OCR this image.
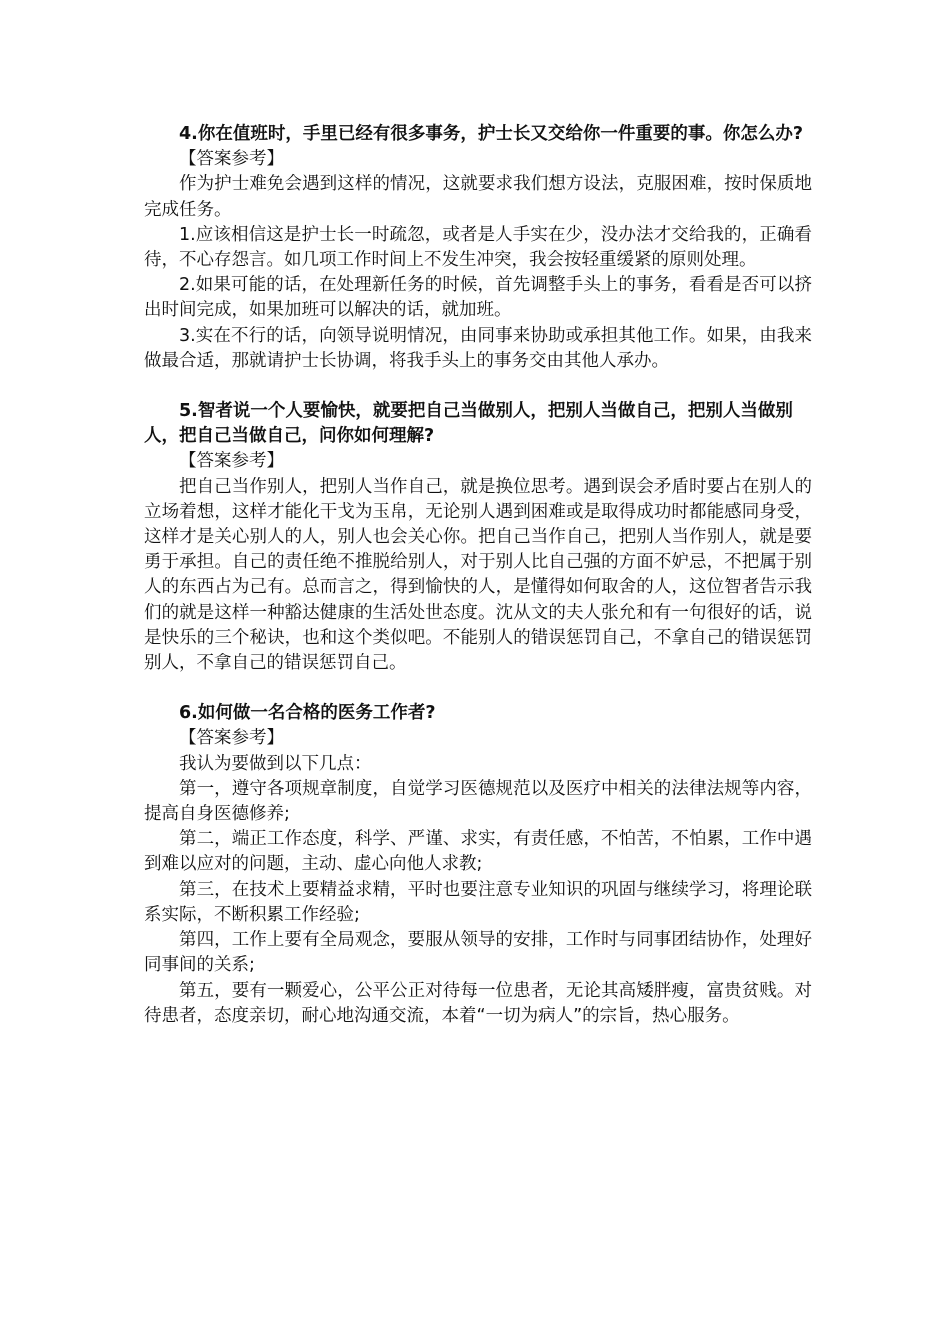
4.你在值班时，手里已经有很多事务，护士长又交给你一件重要的事。你怎么办?

【答案参考】

作为护士难免会遇到这样的情况，这就要求我们想方设法，克服困难，按时保质地完成任务。

1.应该相信这是护士长一时疏忽，或者是人手实在少，没办法才交给我的，正确看待，不心存怨言。如几项工作时间上不发生冲突，我会按轻重缓紧的原则处理。

2.如果可能的话，在处理新任务的时候，首先调整手头上的事务，看看是否可以挤出时间完成，如果加班可以解决的话，就加班。

3.实在不行的话，向领导说明情况，由同事来协助或承担其他工作。如果，由我来做最合适，那就请护士长协调，将我手头上的事务交由其他人承办。

5.智者说一个人要愉快，就要把自己当做别人，把别人当做自己，把别人当做别人，把自己当做自己，问你如何理解?

【答案参考】

把自己当作别人，把别人当作自己，就是换位思考。遇到误会矛盾时要占在别人的立场着想，这样才能化干戈为玉帛，无论别人遇到困难或是取得成功时都能感同身受，这样才是关心别人的人，别人也会关心你。把自己当作自己，把别人当作别人，就是要勇于承担。自己的责任绝不推脱给别人，对于别人比自己强的方面不妒忌，不把属于别人的东西占为己有。总而言之，得到愉快的人，是懂得如何取舍的人，这位智者告示我们的就是这样一种豁达健康的生活处世态度。沈从文的夫人张允和有一句很好的话，说是快乐的三个秘诀，也和这个类似吧。不能别人的错误惩罚自己，不拿自己的错误惩罚别人，不拿自己的错误惩罚自己。

6.如何做一名合格的医务工作者?

【答案参考】

我认为要做到以下几点：

第一，遵守各项规章制度，自觉学习医德规范以及医疗中相关的法律法规等内容，提高自身医德修养;

第二，端正工作态度，科学、严谨、求实，有责任感，不怕苦，不怕累，工作中遇到难以应对的问题，主动、虚心向他人求教;

第三，在技术上要精益求精，平时也要注意专业知识的巩固与继续学习，将理论联系实际，不断积累工作经验;

第四，工作上要有全局观念，要服从领导的安排，工作时与同事团结协作，处理好同事间的关系;

第五，要有一颗爱心，公平公正对待每一位患者，无论其高矮胖瘦，富贵贫贱。对待患者，态度亲切，耐心地沟通交流，本着“一切为病人”的宗旨，热心服务。
